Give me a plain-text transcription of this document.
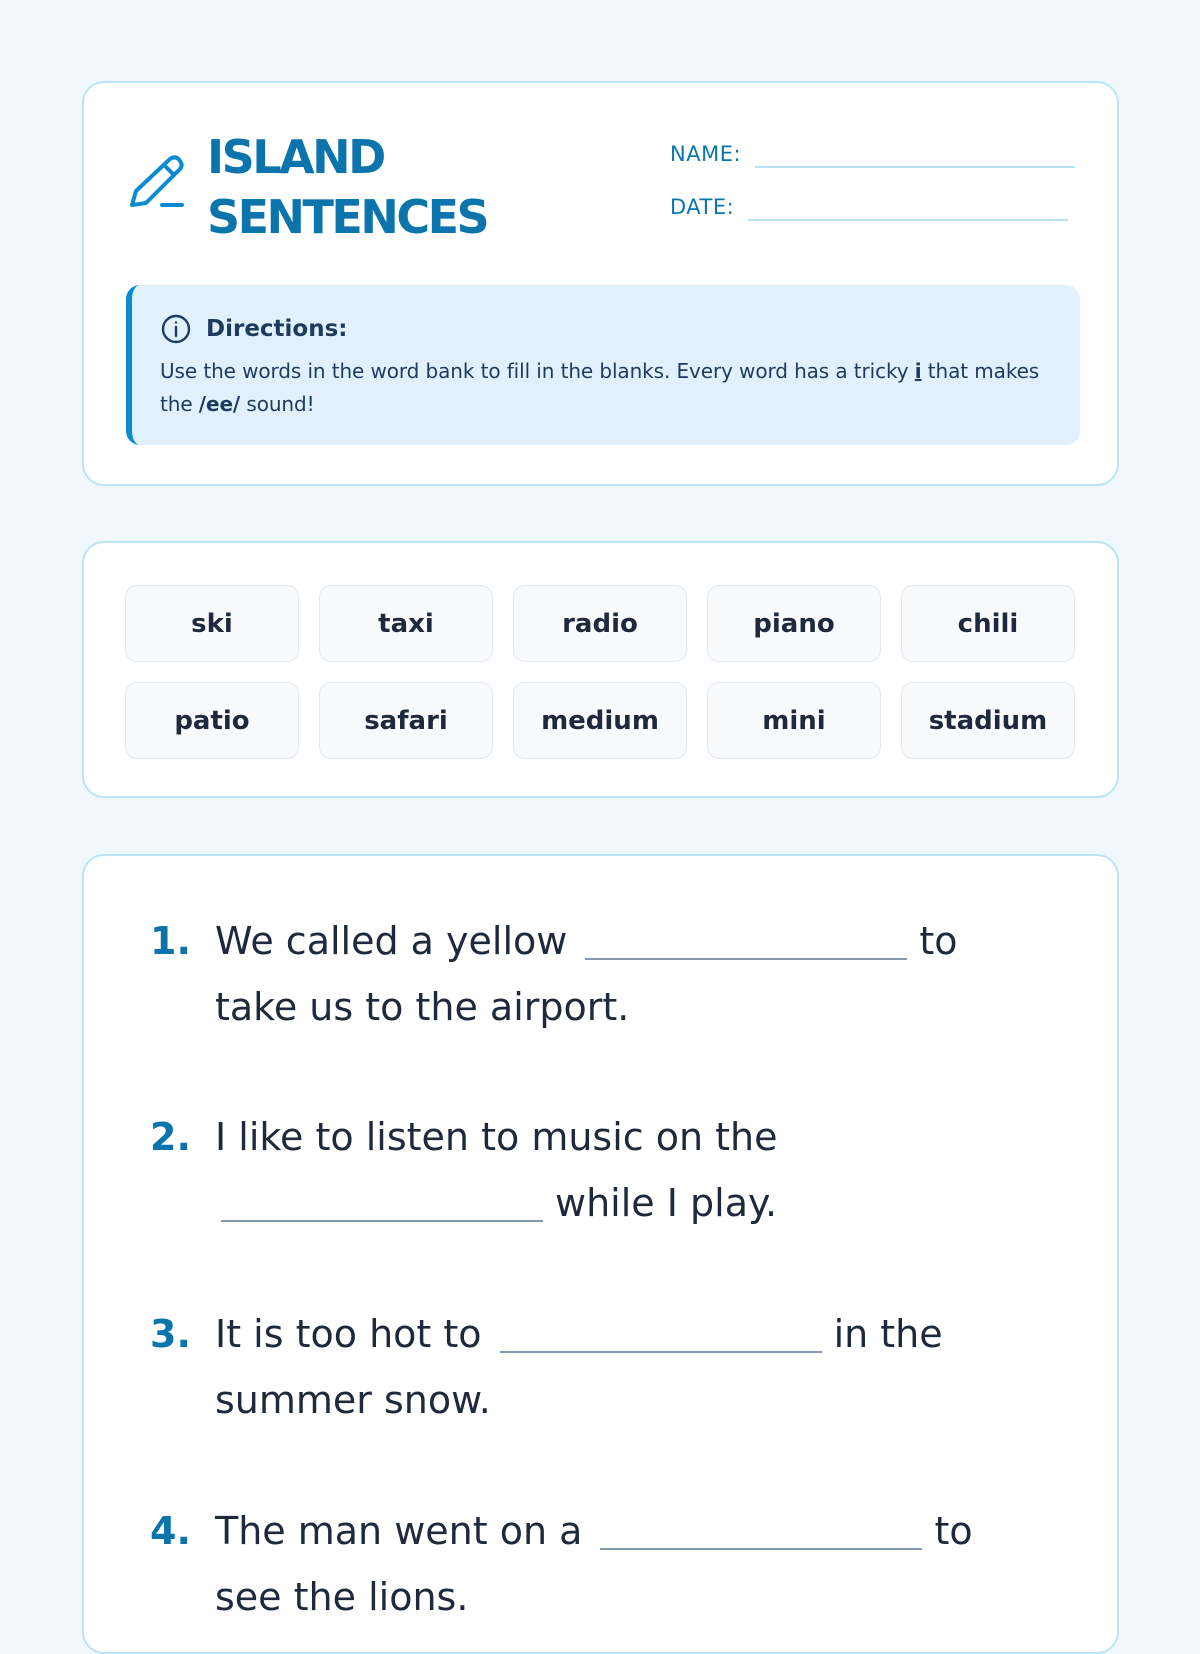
ISLAND
SENTENCES
NAME:
DATE:
Directions:

Use the words in the word bank to fill in the blanks. Every word has a tricky i that makes the /ee/ sound!

ski	taxi	radio	piano	chili
patio	safari	medium	mini	stadium
1. We called a yellow	to take us to the airport.
2. I like to listen to music on the
while I play.
3. It is too hot to	in the summer snow.
4. The man went on a	to see the lions.
